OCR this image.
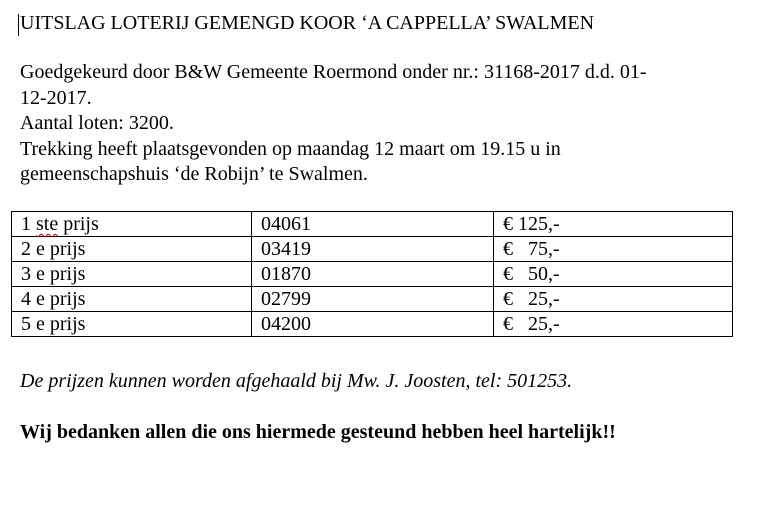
UITSLAG LOTERIJ GEMENGD KOOR ‘A CAPPELLA’ SWALMEN
Goedgekeurd door B&W Gemeente Roermond onder nr.: 31168-2017 d.d. 01-
12-2017.
Aantal loten: 3200.
Trekking heeft plaatsgevonden op maandag 12 maart om 19.15 u in
gemeenschapshuis ‘de Robijn’ te Swalmen.
1 ste prijs	04061	€ 125,-
2 e prijs	03419	€   75,-
3 e prijs	01870	€   50,-
4 e prijs	02799	€   25,-
5 e prijs	04200	€   25,-
De prijzen kunnen worden afgehaald bij Mw. J. Joosten, tel: 501253.
Wij bedanken allen die ons hiermede gesteund hebben heel hartelijk!!
